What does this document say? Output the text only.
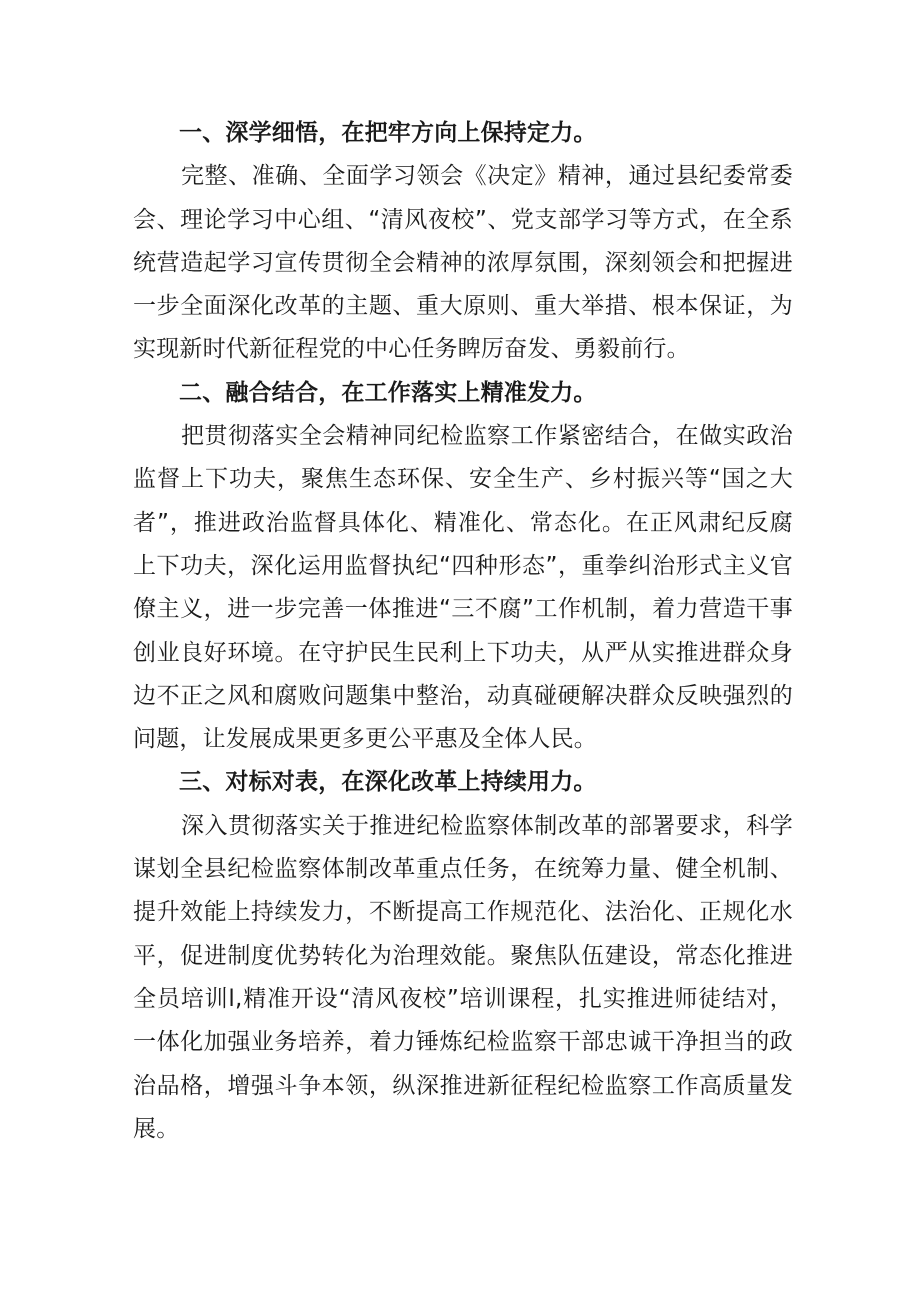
一、深学细悟，在把牢方向上保持定力。

完整、准确、全面学习领会《决定》精神，通过县纪委常委会、理论学习中心组、“清风夜校”、党支部学习等方式，在全系统营造起学习宣传贯彻全会精神的浓厚氛围，深刻领会和把握进一步全面深化改革的主题、重大原则、重大举措、根本保证，为实现新时代新征程党的中心任务睥厉奋发、勇毅前行。

二、融合结合，在工作落实上精准发力。

把贯彻落实全会精神同纪检监察工作紧密结合，在做实政治监督上下功夫，聚焦生态环保、安全生产、乡村振兴等“国之大者”，推进政治监督具体化、精准化、常态化。在正风肃纪反腐上下功夫，深化运用监督执纪“四种形态”，重拳纠治形式主义官僚主义，进一步完善一体推进“三不腐”工作机制，着力营造干事创业良好环境。在守护民生民利上下功夫，从严从实推进群众身边不正之风和腐败问题集中整治，动真碰硬解决群众反映强烈的问题，让发展成果更多更公平惠及全体人民。

三、对标对表，在深化改革上持续用力。

深入贯彻落实关于推进纪检监察体制改革的部署要求，科学谋划全县纪检监察体制改革重点任务，在统筹力量、健全机制、提升效能上持续发力，不断提高工作规范化、法治化、正规化水平，促进制度优势转化为治理效能。聚焦队伍建设，常态化推进全员培训l,精准开设“清风夜校”培训课程，扎实推进师徒结对，一体化加强业务培养，着力锤炼纪检监察干部忠诚干净担当的政治品格，增强斗争本领，纵深推进新征程纪检监察工作高质量发展。
